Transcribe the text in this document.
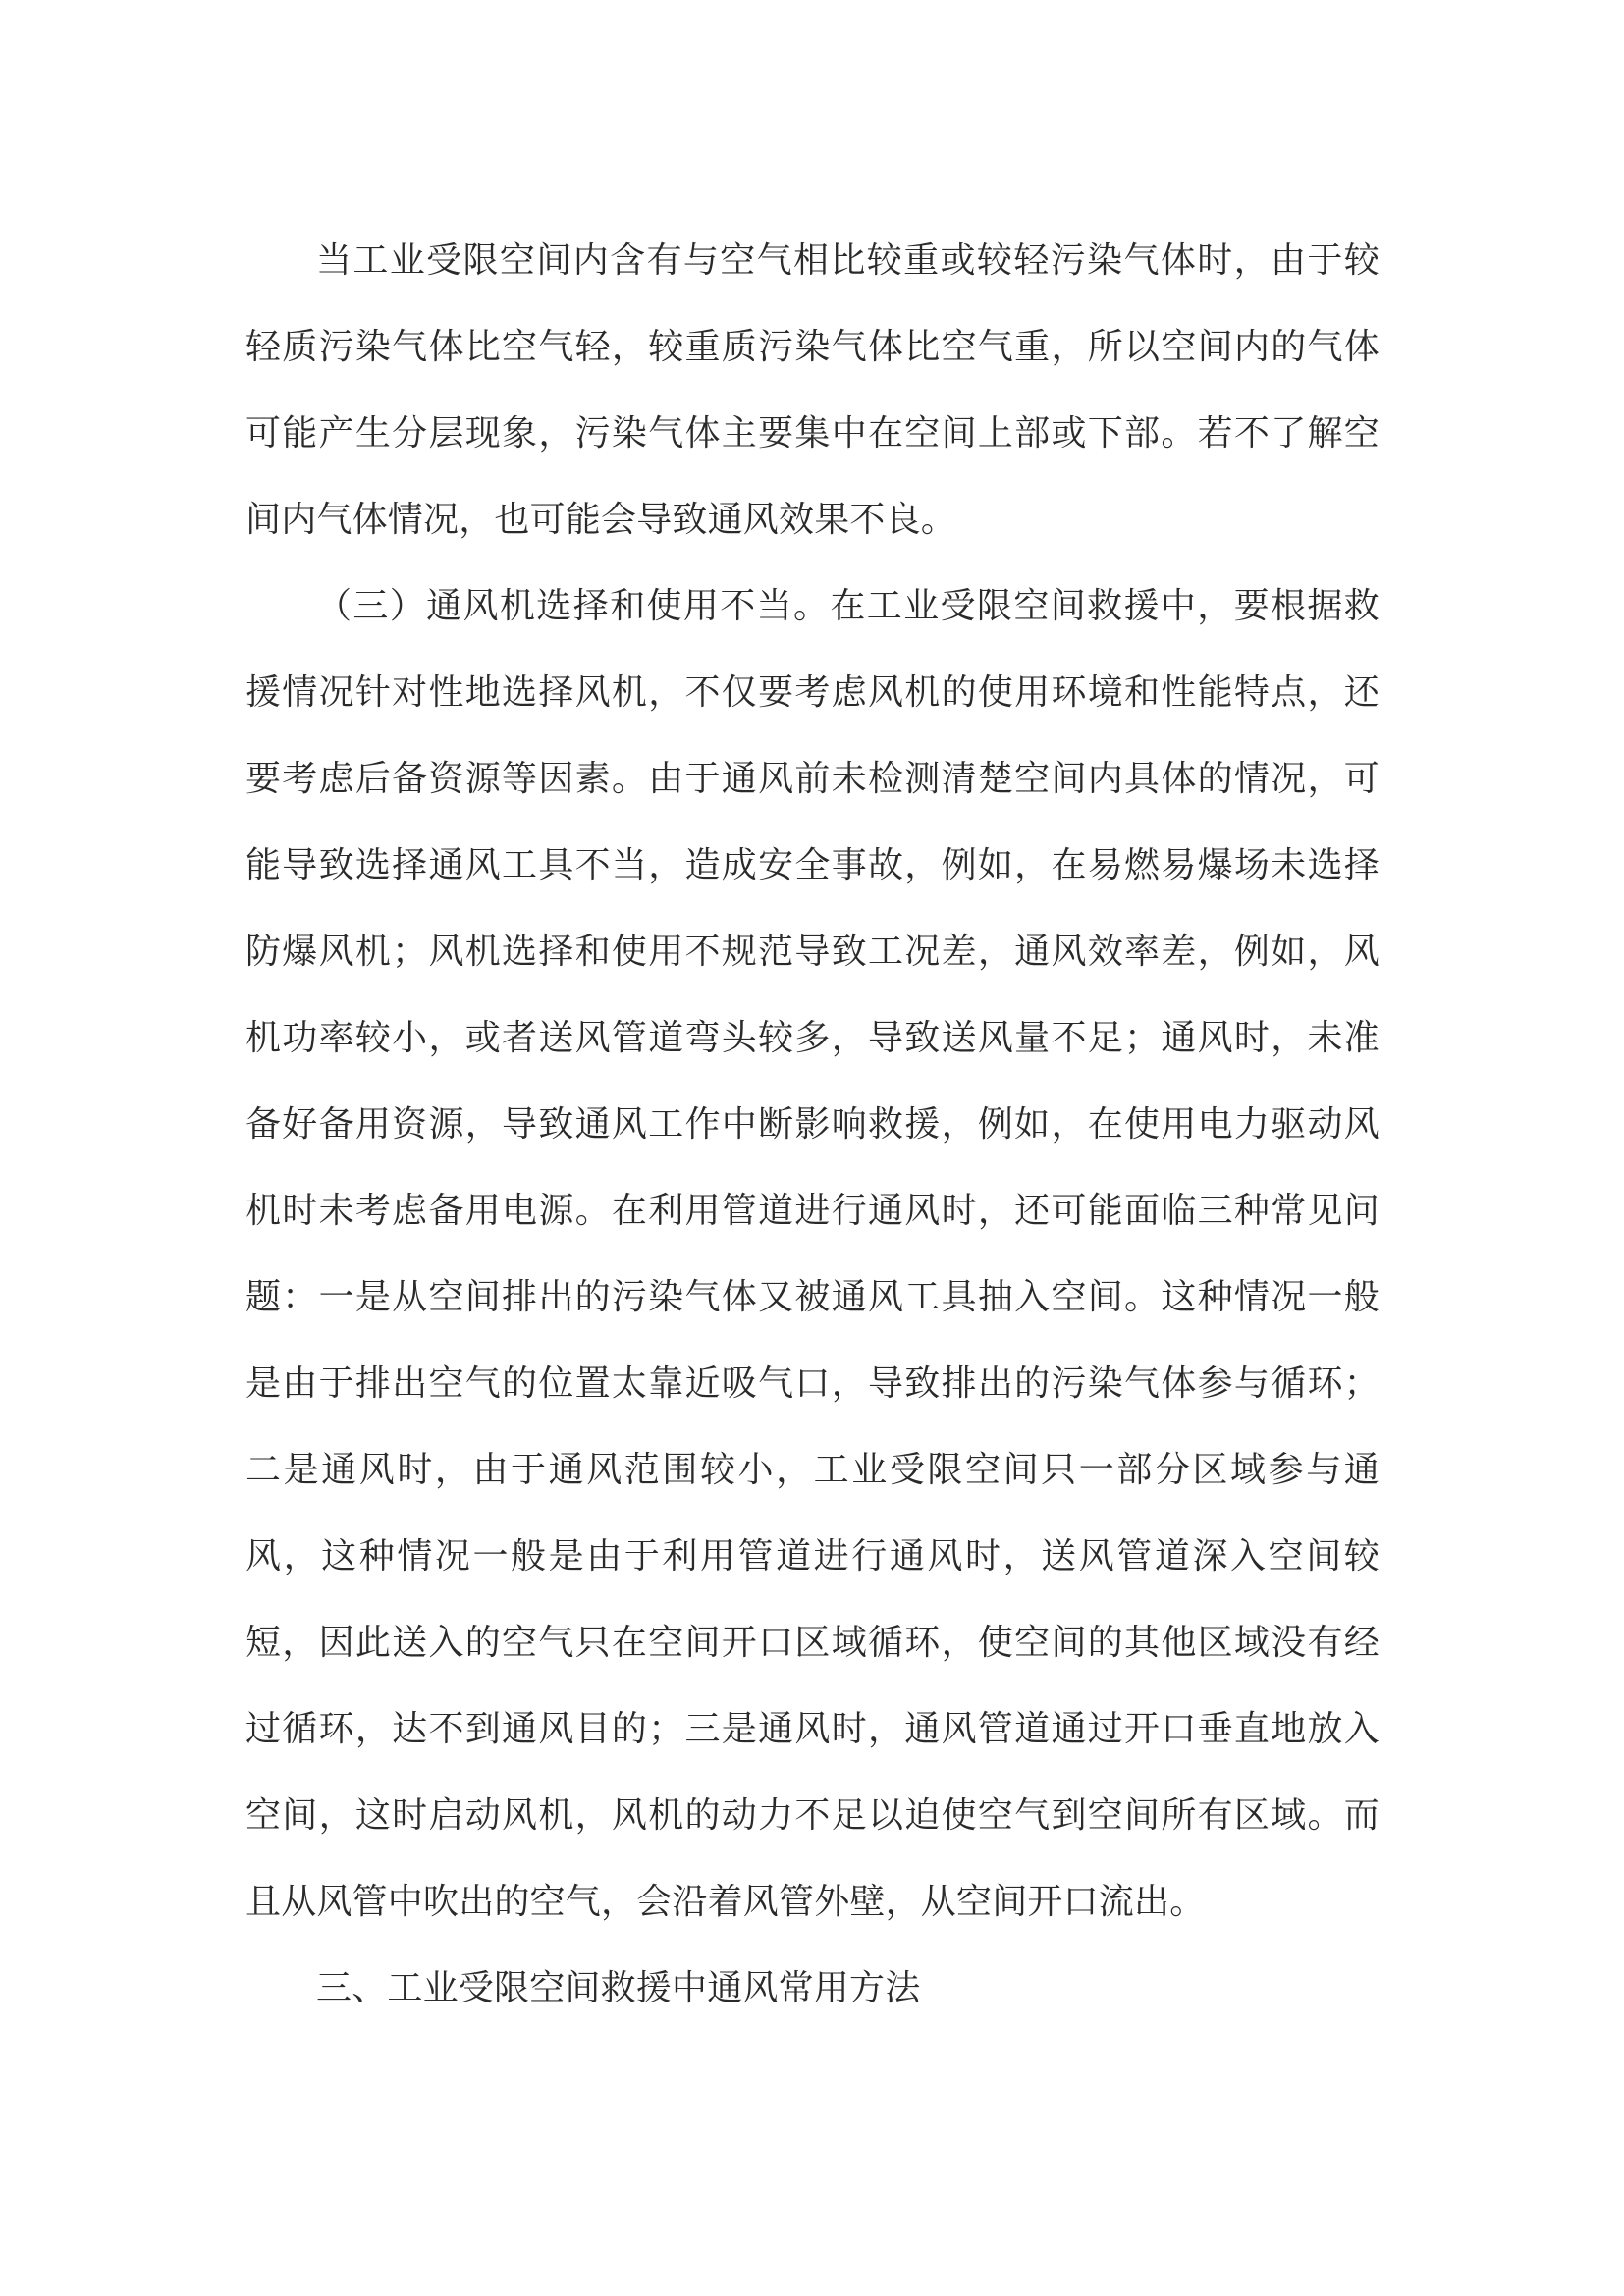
当工业受限空间内含有与空气相比较重或较轻污染气体时，由于较轻质污染气体比空气轻，较重质污染气体比空气重，所以空间内的气体可能产生分层现象，污染气体主要集中在空间上部或下部。若不了解空间内气体情况，也可能会导致通风效果不良。

（三）通风机选择和使用不当。在工业受限空间救援中，要根据救援情况针对性地选择风机，不仅要考虑风机的使用环境和性能特点，还要考虑后备资源等因素。由于通风前未检测清楚空间内具体的情况，可能导致选择通风工具不当，造成安全事故，例如，在易燃易爆场未选择防爆风机；风机选择和使用不规范导致工况差，通风效率差，例如，风机功率较小，或者送风管道弯头较多，导致送风量不足；通风时，未准备好备用资源，导致通风工作中断影响救援，例如，在使用电力驱动风机时未考虑备用电源。在利用管道进行通风时，还可能面临三种常见问题：一是从空间排出的污染气体又被通风工具抽入空间。这种情况一般是由于排出空气的位置太靠近吸气口，导致排出的污染气体参与循环；二是通风时，由于通风范围较小，工业受限空间只一部分区域参与通风，这种情况一般是由于利用管道进行通风时，送风管道深入空间较短，因此送入的空气只在空间开口区域循环，使空间的其他区域没有经过循环，达不到通风目的；三是通风时，通风管道通过开口垂直地放入空间，这时启动风机，风机的动力不足以迫使空气到空间所有区域。而且从风管中吹出的空气，会沿着风管外壁，从空间开口流出。

三、工业受限空间救援中通风常用方法
